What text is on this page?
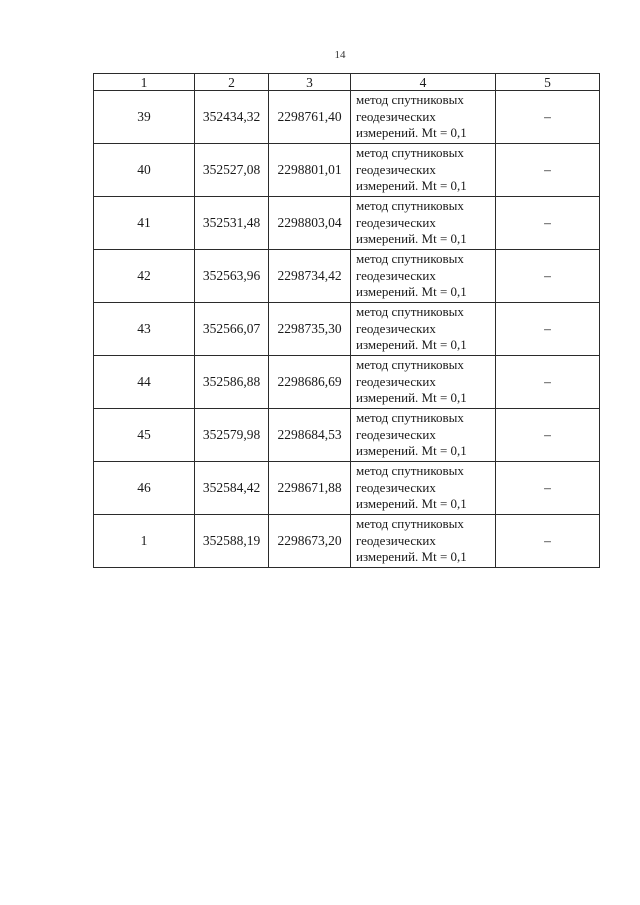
14
1	2	3	4	5
39	352434,32	2298761,40	метод спутниковых
геодезических
измерений. Mt = 0,1	–
40	352527,08	2298801,01	метод спутниковых
геодезических
измерений. Mt = 0,1	–
41	352531,48	2298803,04	метод спутниковых
геодезических
измерений. Mt = 0,1	–
42	352563,96	2298734,42	метод спутниковых
геодезических
измерений. Mt = 0,1	–
43	352566,07	2298735,30	метод спутниковых
геодезических
измерений. Mt = 0,1	–
44	352586,88	2298686,69	метод спутниковых
геодезических
измерений. Mt = 0,1	–
45	352579,98	2298684,53	метод спутниковых
геодезических
измерений. Mt = 0,1	–
46	352584,42	2298671,88	метод спутниковых
геодезических
измерений. Mt = 0,1	–
1	352588,19	2298673,20	метод спутниковых
геодезических
измерений. Mt = 0,1	–
